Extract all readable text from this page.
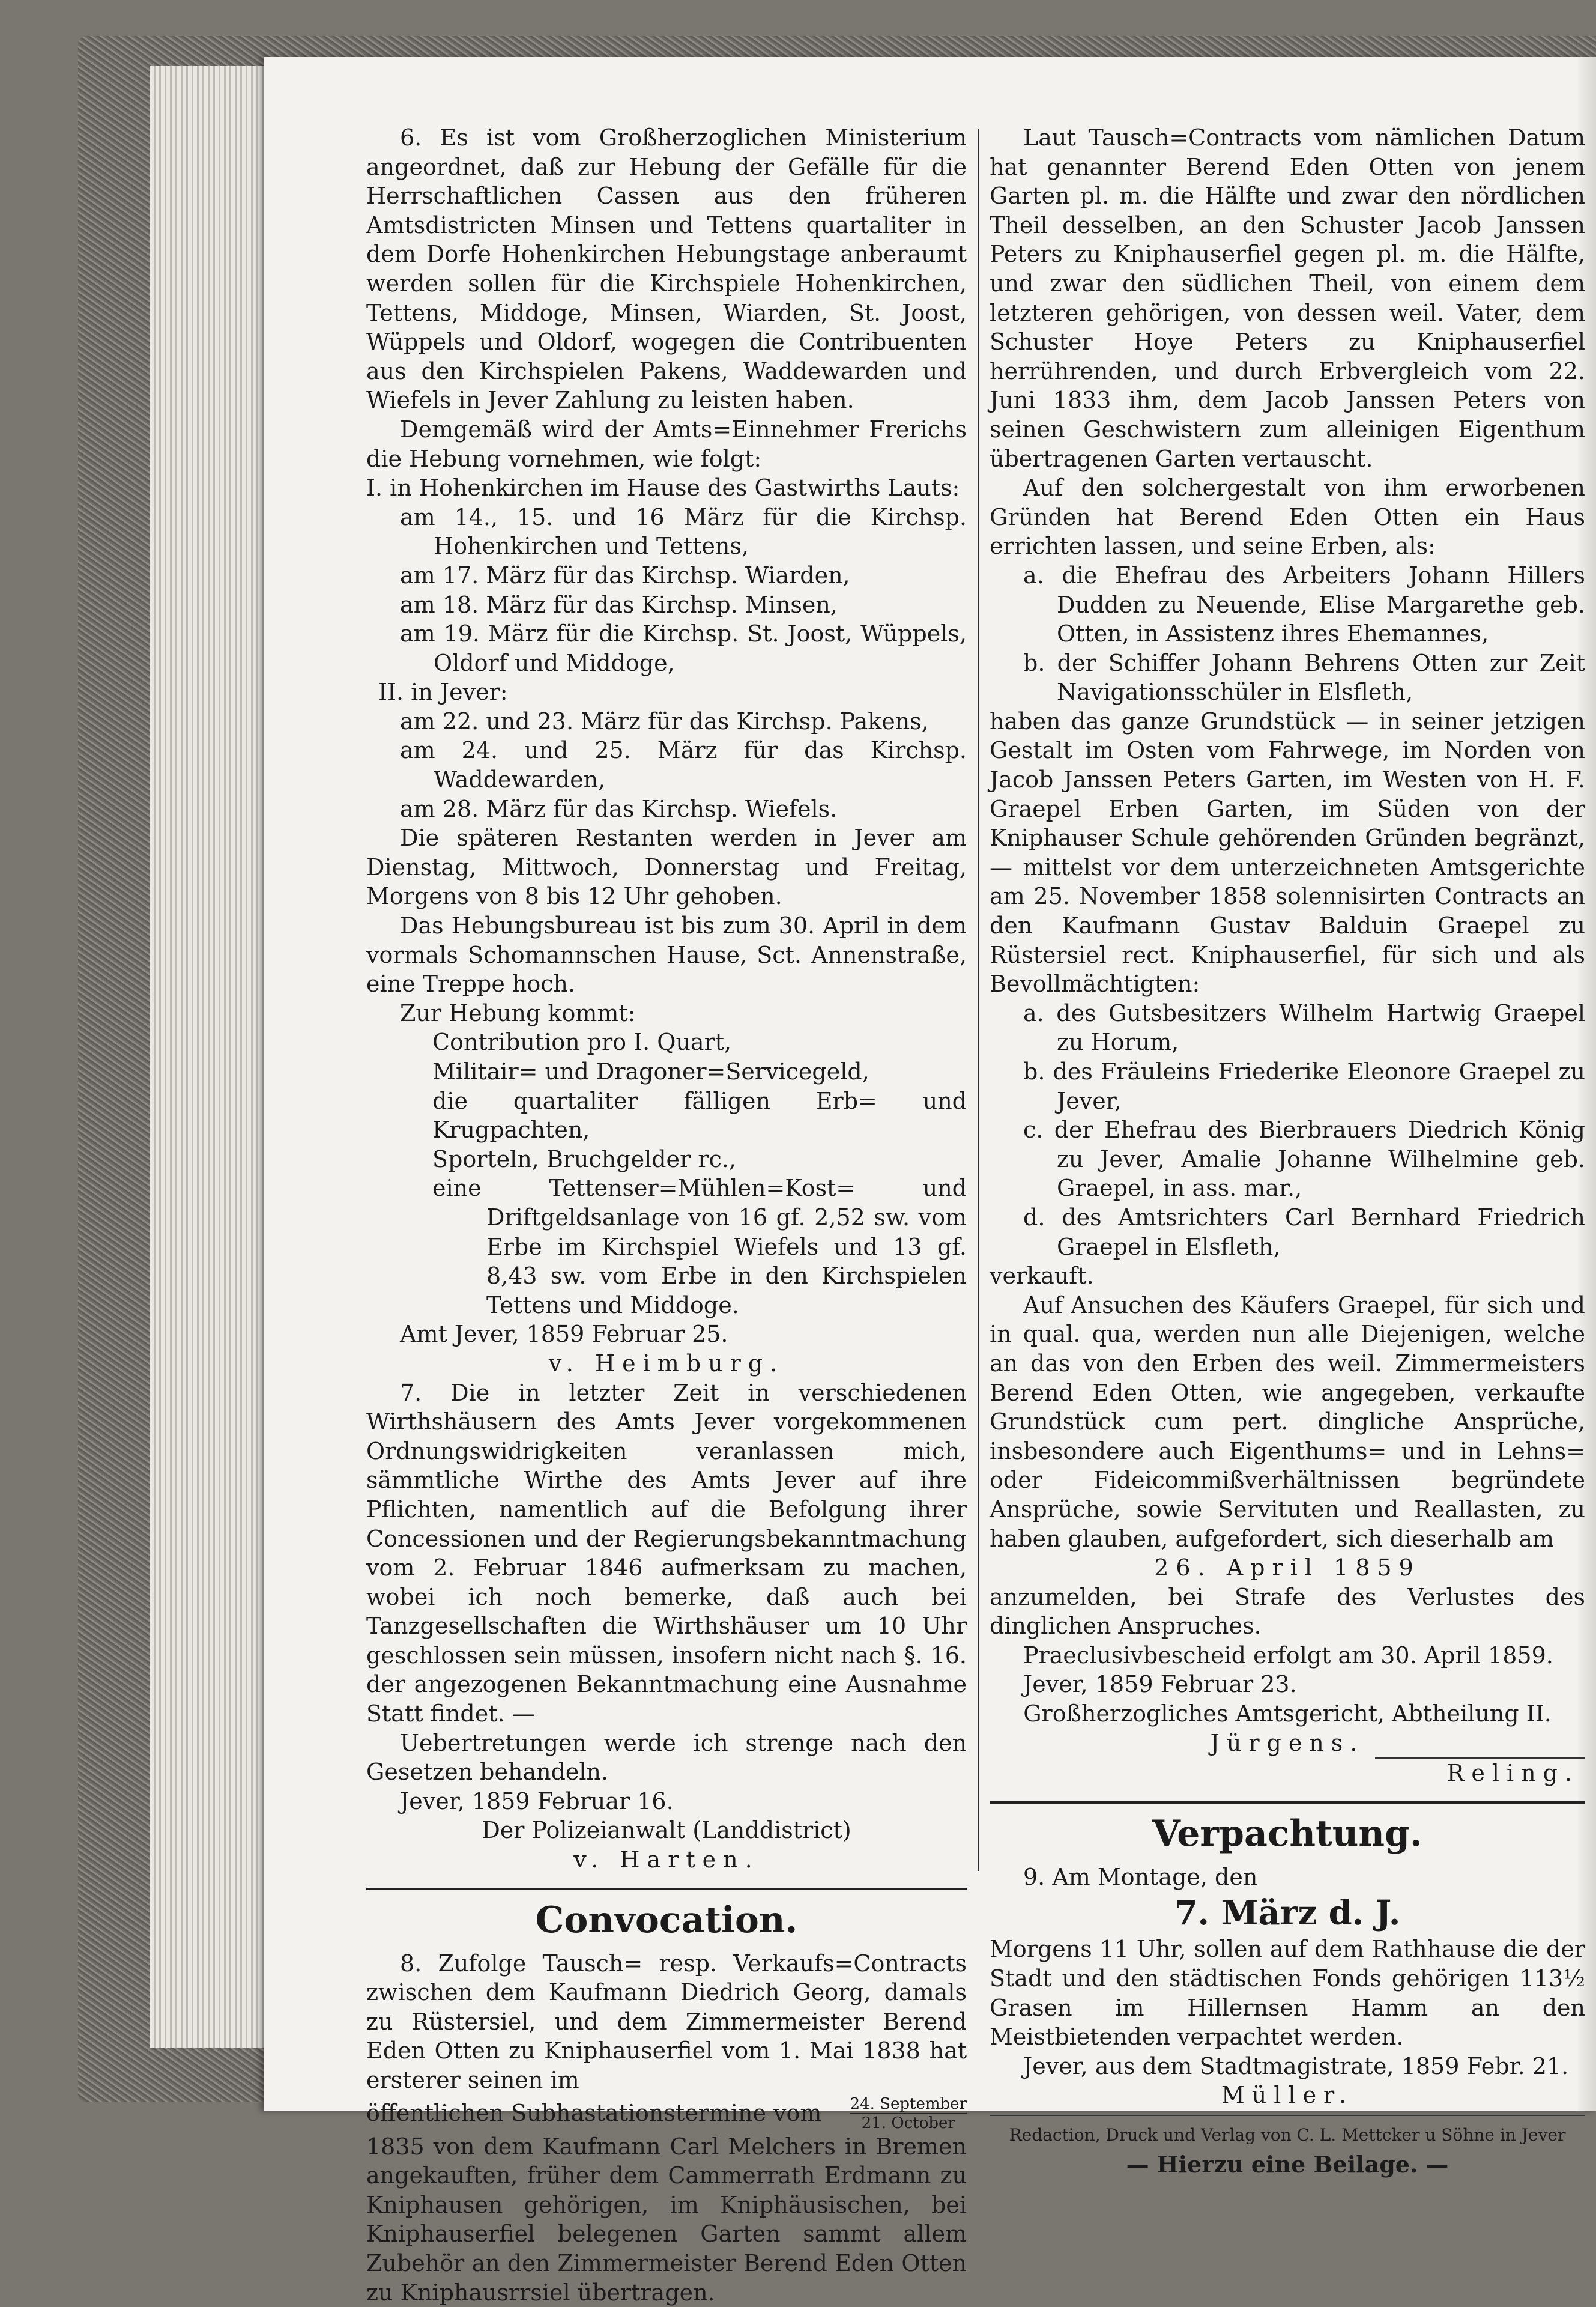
6. Es ist vom Großherzoglichen Ministerium angeordnet, daß zur Hebung der Gefälle für die Herrschaftlichen Cassen aus den früheren Amtsdistricten Minsen und Tettens quartaliter in dem Dorfe Hohenkirchen Hebungstage anberaumt werden sollen für die Kirchspiele Hohenkirchen, Tettens, Middoge, Minsen, Wiarden, St. Joost, Wüppels und Oldorf, wogegen die Contribuenten aus den Kirchspielen Pakens, Waddewarden und Wiefels in Jever Zahlung zu leisten haben.

Demgemäß wird der Amts=Einnehmer Frerichs die Hebung vornehmen, wie folgt:

I. in Hohenkirchen im Hause des Gastwirths Lauts:

am 14., 15. und 16 März für die Kirchsp. Hohenkirchen und Tettens,

am 17. März für das Kirchsp. Wiarden,

am 18. März für das Kirchsp. Minsen,

am 19. März für die Kirchsp. St. Joost, Wüppels, Oldorf und Middoge,

II. in Jever:

am 22. und 23. März für das Kirchsp. Pakens,

am 24. und 25. März für das Kirchsp. Waddewarden,

am 28. März für das Kirchsp. Wiefels.

Die späteren Restanten werden in Jever am Dienstag, Mittwoch, Donnerstag und Freitag, Morgens von 8 bis 12 Uhr gehoben.

Das Hebungsbureau ist bis zum 30. April in dem vormals Schomannschen Hause, Sct. Annenstraße, eine Treppe hoch.

Zur Hebung kommt:

Contribution pro I. Quart,

Militair= und Dragoner=Servicegeld,

die quartaliter fälligen Erb= und Krugpachten,

Sporteln, Bruchgelder rc.,

eine Tettenser=Mühlen=Kost= und Driftgeldsanlage von 16 gf. 2,52 sw. vom Erbe im Kirchspiel Wiefels und 13 gf. 8,43 sw. vom Erbe in den Kirchspielen Tettens und Middoge.

Amt Jever, 1859 Februar 25.

v. Heimburg.

7. Die in letzter Zeit in verschiedenen Wirthshäusern des Amts Jever vorgekommenen Ordnungswidrigkeiten veranlassen mich, sämmtliche Wirthe des Amts Jever auf ihre Pflichten, namentlich auf die Befolgung ihrer Concessionen und der Regierungsbekanntmachung vom 2. Februar 1846 aufmerksam zu machen, wobei ich noch bemerke, daß auch bei Tanzgesellschaften die Wirthshäuser um 10 Uhr geschlossen sein müssen, insofern nicht nach §. 16. der angezogenen Bekanntmachung eine Ausnahme Statt findet. —

Uebertretungen werde ich strenge nach den Gesetzen behandeln.

Jever, 1859 Februar 16.

Der Polizeianwalt (Landdistrict)

v. Harten.

Convocation.

8. Zufolge Tausch= resp. Verkaufs=Contracts zwischen dem Kaufmann Diedrich Georg, damals zu Rüstersiel, und dem Zimmermeister Berend Eden Otten zu Kniphauserfiel vom 1. Mai 1838 hat ersterer seinen im

öffentlichen Subhastationstermine vom $\frac{\text{24. September}}{\text{21. October}}$

1835 von dem Kaufmann Carl Melchers in Bremen angekauften, früher dem Cammerrath Erdmann zu Kniphausen gehörigen, im Kniphäusischen, bei Kniphauserfiel belegenen Garten sammt allem Zubehör an den Zimmermeister Berend Eden Otten zu Kniphausrrsiel übertragen.

Laut Tausch=Contracts vom nämlichen Datum hat genannter Berend Eden Otten von jenem Garten pl. m. die Hälfte und zwar den nördlichen Theil desselben, an den Schuster Jacob Janssen Peters zu Kniphauserfiel gegen pl. m. die Hälfte, und zwar den südlichen Theil, von einem dem letzteren gehörigen, von dessen weil. Vater, dem Schuster Hoye Peters zu Kniphauserfiel herrührenden, und durch Erbvergleich vom 22. Juni 1833 ihm, dem Jacob Janssen Peters von seinen Geschwistern zum alleinigen Eigenthum übertragenen Garten vertauscht.

Auf den solchergestalt von ihm erworbenen Gründen hat Berend Eden Otten ein Haus errichten lassen, und seine Erben, als:

a. die Ehefrau des Arbeiters Johann Hillers Dudden zu Neuende, Elise Margarethe geb. Otten, in Assistenz ihres Ehemannes,

b. der Schiffer Johann Behrens Otten zur Zeit Navigationsschüler in Elsfleth,

haben das ganze Grundstück — in seiner jetzigen Gestalt im Osten vom Fahrwege, im Norden von Jacob Janssen Peters Garten, im Westen von H. F. Graepel Erben Garten, im Süden von der Kniphauser Schule gehörenden Gründen begränzt, — mittelst vor dem unterzeichneten Amtsgerichte am 25. November 1858 solennisirten Contracts an den Kaufmann Gustav Balduin Graepel zu Rüstersiel rect. Kniphauserfiel, für sich und als Bevollmächtigten:

a. des Gutsbesitzers Wilhelm Hartwig Graepel zu Horum,

b. des Fräuleins Friederike Eleonore Graepel zu Jever,

c. der Ehefrau des Bierbrauers Diedrich König zu Jever, Amalie Johanne Wilhelmine geb. Graepel, in ass. mar.,

d. des Amtsrichters Carl Bernhard Friedrich Graepel in Elsfleth,

verkauft.

Auf Ansuchen des Käufers Graepel, für sich und in qual. qua, werden nun alle Diejenigen, welche an das von den Erben des weil. Zimmermeisters Berend Eden Otten, wie angegeben, verkaufte Grundstück cum pert. dingliche Ansprüche, insbesondere auch Eigenthums= und in Lehns= oder Fideicommißverhältnissen begründete Ansprüche, sowie Servituten und Reallasten, zu haben glauben, aufgefordert, sich dieserhalb am

26. April 1859

anzumelden, bei Strafe des Verlustes des dinglichen Anspruches.

Praeclusivbescheid erfolgt am 30. April 1859.

Jever, 1859 Februar 23.

Großherzogliches Amtsgericht, Abtheilung II.

Jürgens.

Reling.

Verpachtung.

9. Am Montage, den

7. März d. J.

Morgens 11 Uhr, sollen auf dem Rathhause die der Stadt und den städtischen Fonds gehörigen 113½ Grasen im Hillernsen Hamm an den Meistbietenden verpachtet werden.

Jever, aus dem Stadtmagistrate, 1859 Febr. 21.

Müller.

Redaction, Druck und Verlag von C. L. Mettcker u Söhne in Jever

— Hierzu eine Beilage. —
